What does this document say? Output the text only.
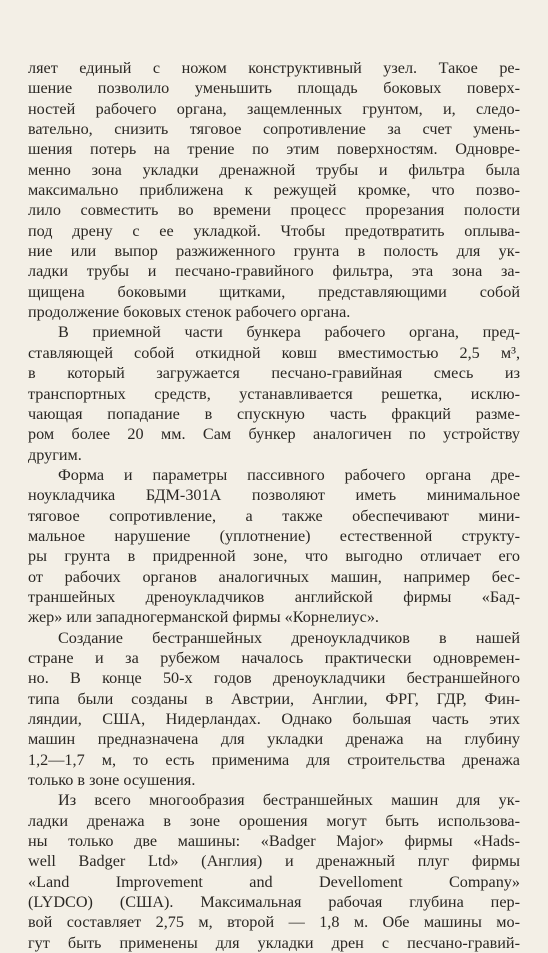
ляет единый с ножом конструктивный узел. Такое ре-
шение позволило уменьшить площадь боковых поверх-
ностей рабочего органа, защемленных грунтом, и, следо-
вательно, снизить тяговое сопротивление за счет умень-
шения потерь на трение по этим поверхностям. Одновре-
менно зона укладки дренажной трубы и фильтра была
максимально приближена к режущей кромке, что позво-
лило совместить во времени процесс прорезания полости
под дрену с ее укладкой. Чтобы предотвратить оплыва-
ние или выпор разжиженного грунта в полость для ук-
ладки трубы и песчано-гравийного фильтра, эта зона за-
щищена боковыми щитками, представляющими собой
продолжение боковых стенок рабочего органа.

В приемной части бункера рабочего органа, пред-
ставляющей собой откидной ковш вместимостью 2,5 м³,
в который загружается песчано-гравийная смесь из
транспортных средств, устанавливается решетка, исклю-
чающая попадание в спускную часть фракций разме-
ром более 20 мм. Сам бункер аналогичен по устройству
другим.

Форма и параметры пассивного рабочего органа дре-
ноукладчика БДМ-301А позволяют иметь минимальное
тяговое сопротивление, а также обеспечивают мини-
мальное нарушение (уплотнение) естественной структу-
ры грунта в придренной зоне, что выгодно отличает его
от рабочих органов аналогичных машин, например бес-
траншейных дреноукладчиков английской фирмы «Бад-
жер» или западногерманской фирмы «Корнелиус».

Создание бестраншейных дреноукладчиков в нашей
стране и за рубежом началось практически одновремен-
но. В конце 50-х годов дреноукладчики бестраншейного
типа были созданы в Австрии, Англии, ФРГ, ГДР, Фин-
ляндии, США, Нидерландах. Однако большая часть этих
машин предназначена для укладки дренажа на глубину
1,2—1,7 м, то есть применима для строительства дренажа
только в зоне осушения.

Из всего многообразия бестраншейных машин для ук-
ладки дренажа в зоне орошения могут быть использова-
ны только две машины: «Badger Major» фирмы «Hads-
well Badger Ltd» (Англия) и дренажный плуг фирмы
«Land Improvement and Develloment Company»
(LYDCO) (США). Максимальная рабочая глубина пер-
вой составляет 2,75 м, второй — 1,8 м. Обе машины мо-
гут быть применены для укладки дрен с песчано-гравий-
